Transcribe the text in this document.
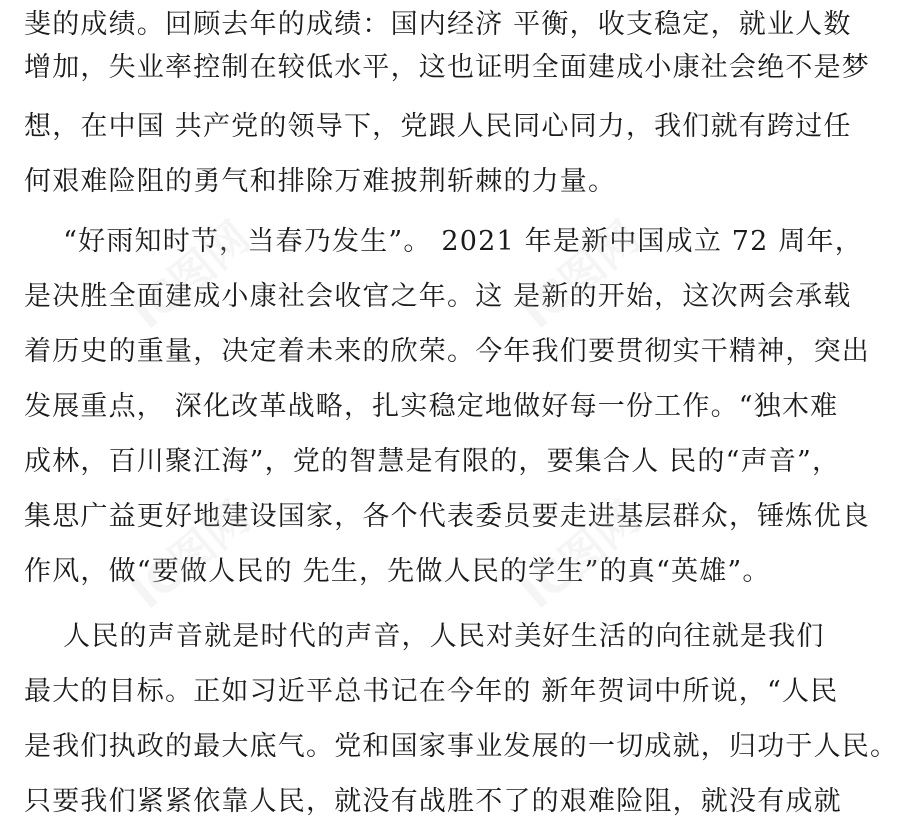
斐的成绩。回顾去年的成绩：国内经济 平衡，收支稳定，就业人数
增加，失业率控制在较低水平，这也证明全面建成小康社会绝不是梦
想，在中国 共产党的领导下，党跟人民同心同力，我们就有跨过任
何艰难险阻的勇气和排除万难披荆斩棘的力量。
“好雨知时节，当春乃发生”。 2021 年是新中国成立 72 周年，
是决胜全面建成小康社会收官之年。这 是新的开始，这次两会承载
着历史的重量，决定着未来的欣荣。今年我们要贯彻实干精神，突出
发展重点， 深化改革战略，扎实稳定地做好每一份工作。“独木难
成林，百川聚江海”，党的智慧是有限的，要集合人 民的“声音”，
集思广益更好地建设国家，各个代表委员要走进基层群众，锤炼优良
作风，做“要做人民的 先生，先做人民的学生”的真“英雄”。
人民的声音就是时代的声音，人民对美好生活的向往就是我们
最大的目标。正如习近平总书记在今年的 新年贺词中所说，“人民
是我们执政的最大底气。党和国家事业发展的一切成就，归功于人民。
只要我们紧紧依靠人民，就没有战胜不了的艰难险阻，就没有成就
IC图网	IC图网
IC图网	IC图网
